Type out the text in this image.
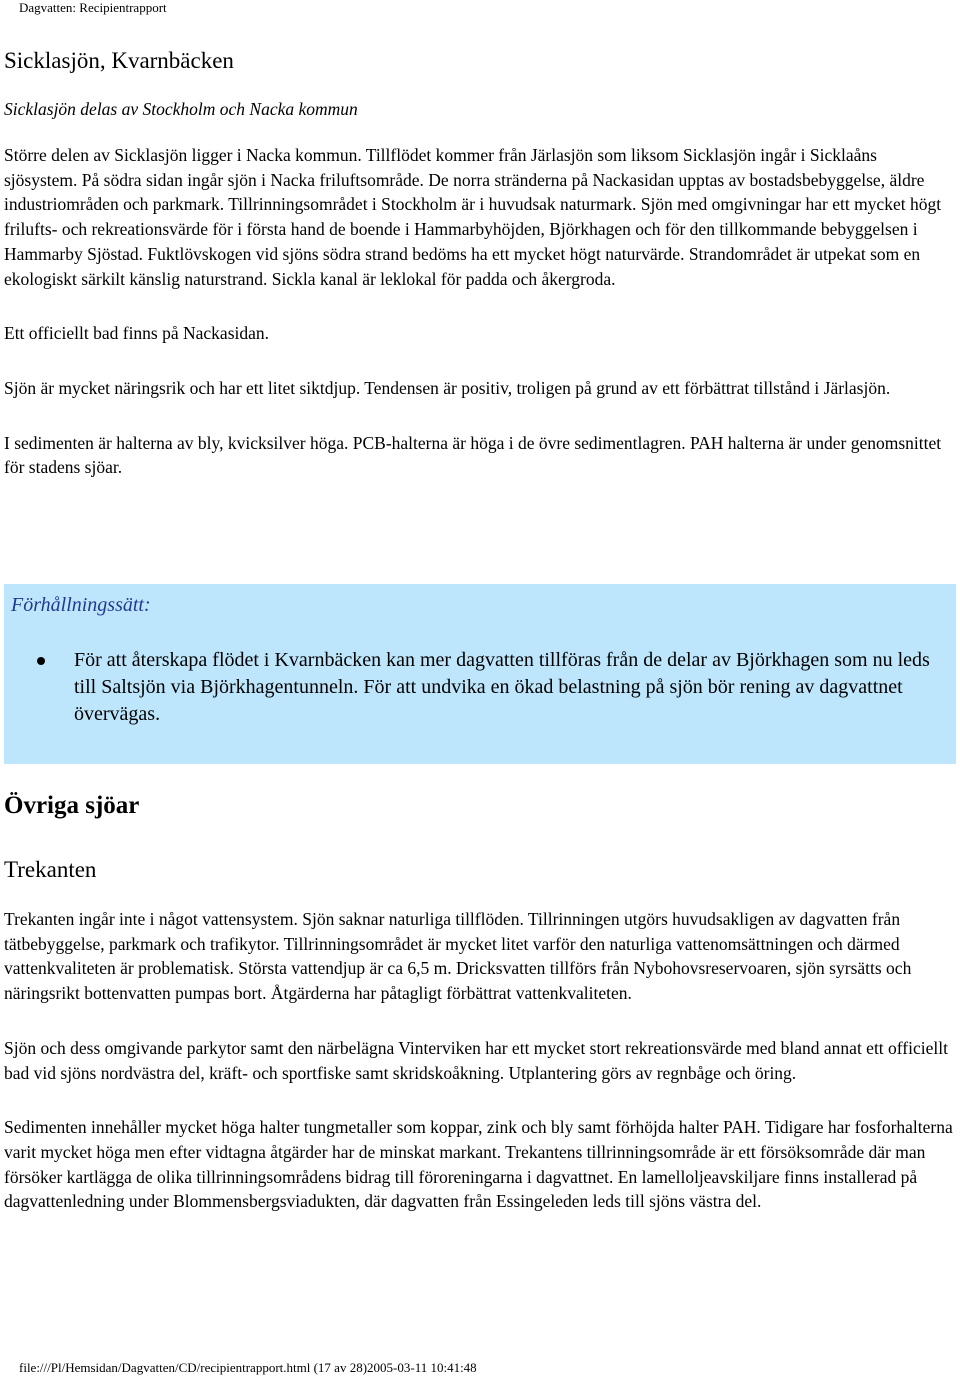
Dagvatten: Recipientrapport
Sicklasjön, Kvarnbäcken

Sicklasjön delas av Stockholm och Nacka kommun

Större delen av Sicklasjön ligger i Nacka kommun. Tillflödet kommer från Järlasjön som liksom Sicklasjön ingår i Sicklaåns sjösystem. På södra sidan ingår sjön i Nacka friluftsområde. De norra stränderna på Nackasidan upptas av bostadsbebyggelse, äldre industriområden och parkmark. Tillrinningsområdet i Stockholm är i huvudsak naturmark. Sjön med omgivningar har ett mycket högt frilufts- och rekreationsvärde för i första hand de boende i Hammarbyhöjden, Björkhagen och för den tillkommande bebyggelsen i Hammarby Sjöstad. Fuktlövskogen vid sjöns södra strand bedöms ha ett mycket högt naturvärde. Strandområdet är utpekat som en ekologiskt särkilt känslig naturstrand. Sickla kanal är leklokal för padda och åkergroda.

Ett officiellt bad finns på Nackasidan.

Sjön är mycket näringsrik och har ett litet siktdjup. Tendensen är positiv, troligen på grund av ett förbättrat tillstånd i Järlasjön.

I sedimenten är halterna av bly, kvicksilver höga. PCB-halterna är höga i de övre sedimentlagren. PAH halterna är under genomsnittet för stadens sjöar.

Förhållningssätt:
För att återskapa flödet i Kvarnbäcken kan mer dagvatten tillföras från de delar av Björkhagen som nu leds till Saltsjön via Björkhagentunneln. För att undvika en ökad belastning på sjön bör rening av dagvattnet övervägas.
Övriga sjöar
Trekanten

Trekanten ingår inte i något vattensystem. Sjön saknar naturliga tillflöden. Tillrinningen utgörs huvudsakligen av dagvatten från tätbebyggelse, parkmark och trafikytor. Tillrinningsområdet är mycket litet varför den naturliga vattenomsättningen och därmed vattenkvaliteten är problematisk. Största vattendjup är ca 6,5 m. Dricksvatten tillförs från Nybohovsreservoaren, sjön syrsätts och näringsrikt bottenvatten pumpas bort. Åtgärderna har påtagligt förbättrat vattenkvaliteten.

Sjön och dess omgivande parkytor samt den närbelägna Vinterviken har ett mycket stort rekreationsvärde med bland annat ett officiellt bad vid sjöns nordvästra del, kräft- och sportfiske samt skridskoåkning. Utplantering görs av regnbåge och öring.

Sedimenten innehåller mycket höga halter tungmetaller som koppar, zink och bly samt förhöjda halter PAH. Tidigare har fosforhalterna varit mycket höga men efter vidtagna åtgärder har de minskat markant. Trekantens tillrinningsområde är ett försöksområde där man försöker kartlägga de olika tillrinningsområdens bidrag till föroreningarna i dagvattnet. En lamelloljeavskiljare finns installerad på dagvattenledning under Blommensbergsviadukten, där dagvatten från Essingeleden leds till sjöns västra del.

file:///Pl/Hemsidan/Dagvatten/CD/recipientrapport.html (17 av 28)2005-03-11 10:41:48
